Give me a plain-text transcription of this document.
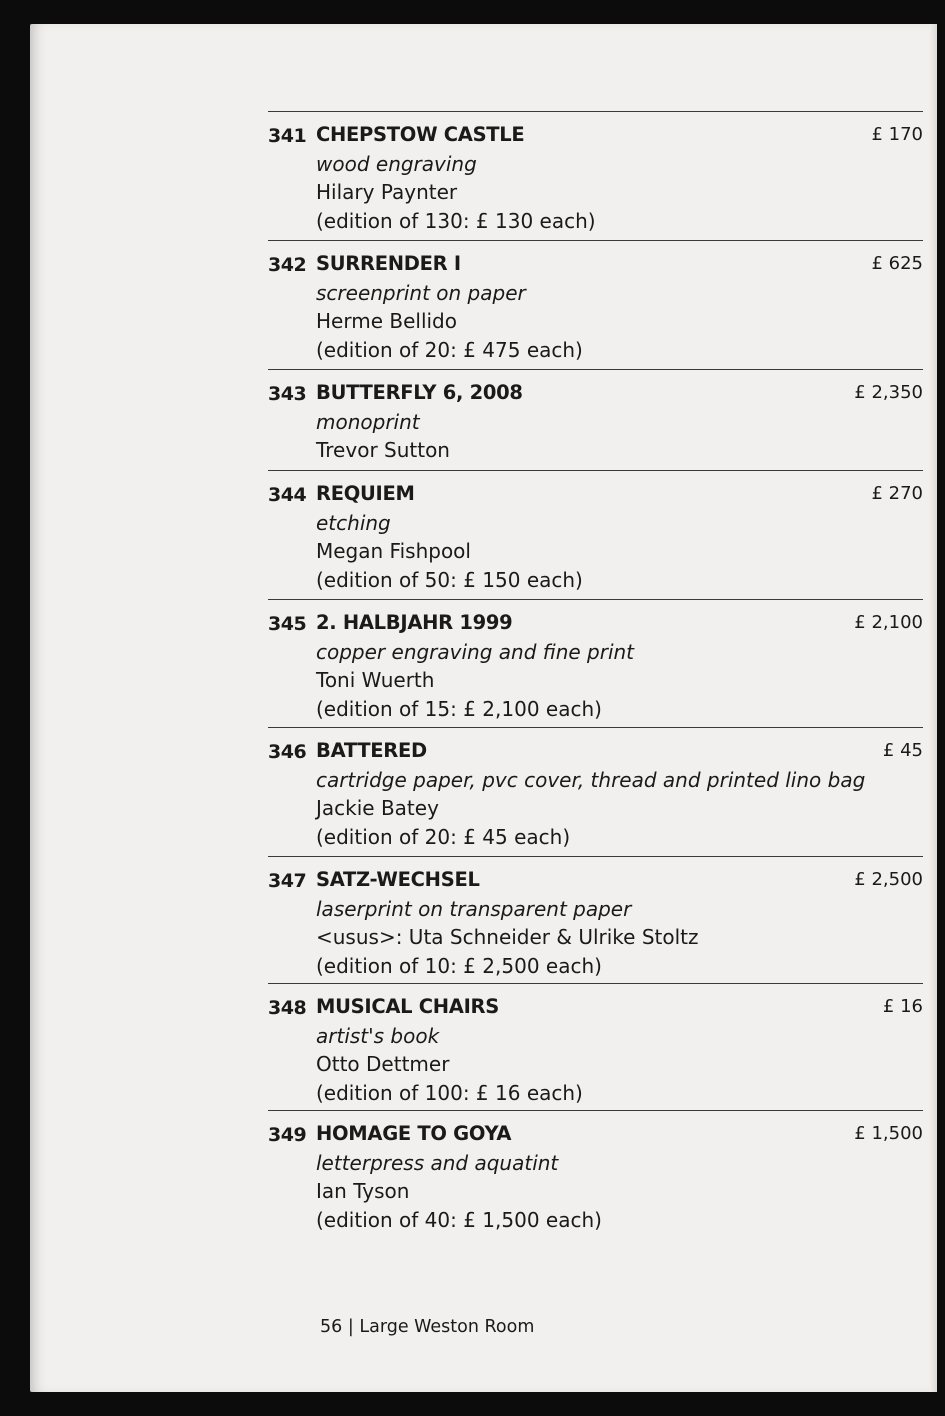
341 CHEPSTOW CASTLE
wood engraving
Hilary Paynter
(edition of 130: £ 130 each)
£ 170
342 SURRENDER I
screenprint on paper
Herme Bellido
(edition of 20: £ 475 each)
£ 625
343 BUTTERFLY 6, 2008
monoprint
Trevor Sutton
£ 2,350
344 REQUIEM
etching
Megan Fishpool
(edition of 50: £ 150 each)
£ 270
345 2. HALBJAHR 1999
copper engraving and fine print
Toni Wuerth
(edition of 15: £ 2,100 each)
£ 2,100
346 BATTERED
cartridge paper, pvc cover, thread and printed lino bag
Jackie Batey
(edition of 20: £ 45 each)
£ 45
347 SATZ-WECHSEL
laserprint on transparent paper
<usus>: Uta Schneider & Ulrike Stoltz
(edition of 10: £ 2,500 each)
£ 2,500
348 MUSICAL CHAIRS
artist's book
Otto Dettmer
(edition of 100: £ 16 each)
£ 16
349 HOMAGE TO GOYA
letterpress and aquatint
Ian Tyson
(edition of 40: £ 1,500 each)
£ 1,500
56 | Large Weston Room
